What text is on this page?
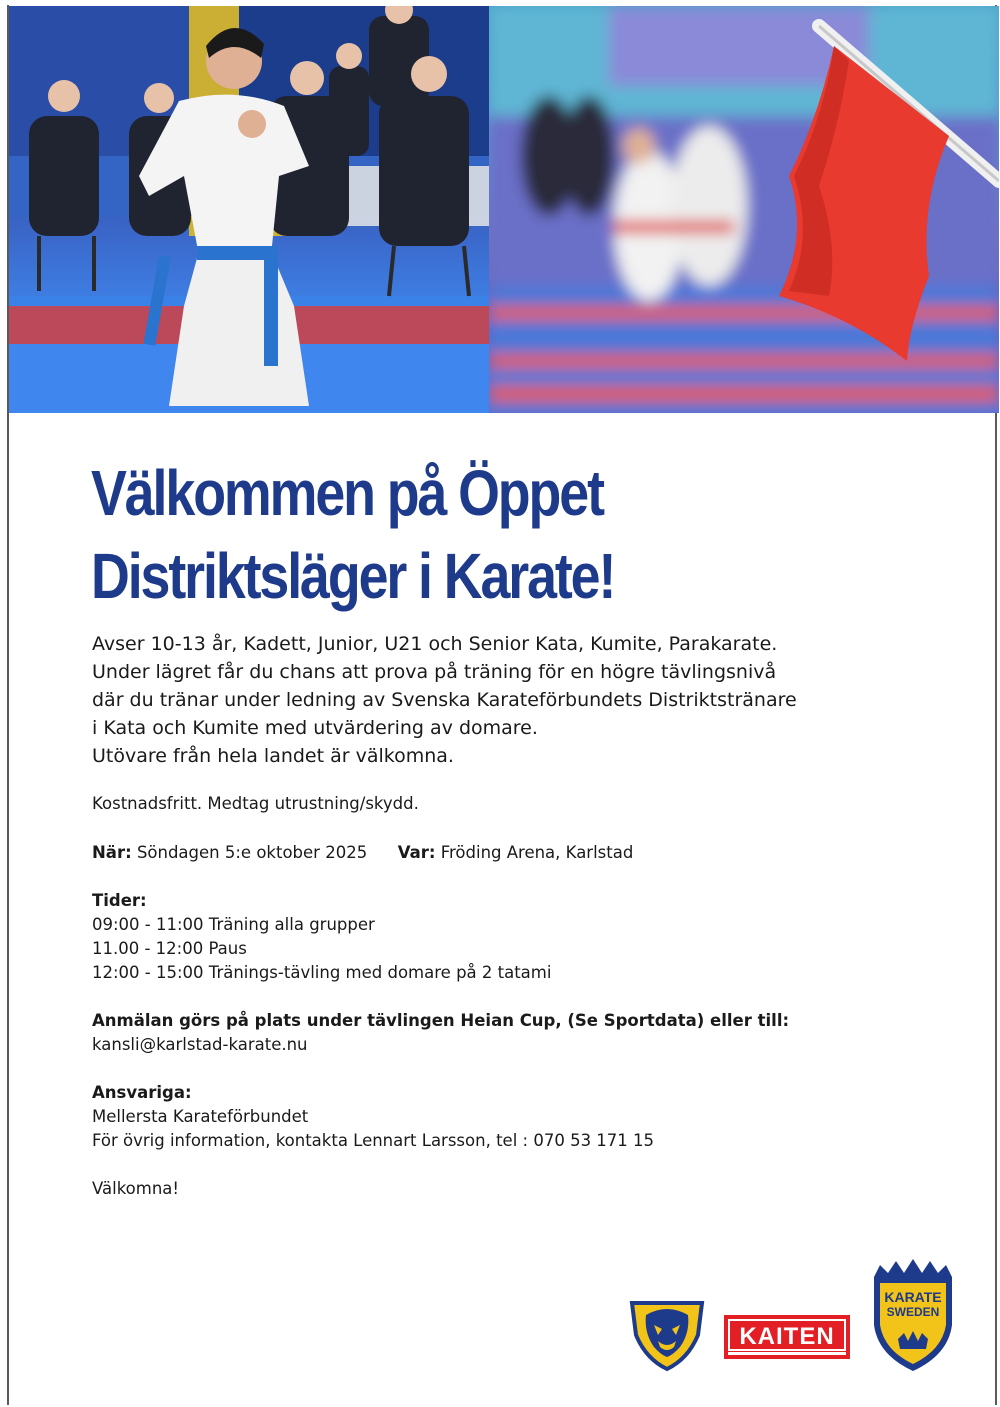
Välkommen på Öppet
Distriktsläger i Karate!

Avser 10-13 år, Kadett, Junior, U21 och Senior Kata, Kumite, Parakarate.

Under lägret får du chans att prova på träning för en högre tävlingsnivå

där du tränar under ledning av Svenska Karateförbundets Distriktstränare

i Kata och Kumite med utvärdering av domare.

Utövare från hela landet är välkomna.

Kostnadsfritt. Medtag utrustning/skydd.

När: Söndagen 5:e oktober 2025 Var: Fröding Arena, Karlstad

Tider:

09:00 - 11:00 Träning alla grupper

11.00 - 12:00 Paus

12:00 - 15:00 Tränings-tävling med domare på 2 tatami

Anmälan görs på plats under tävlingen Heian Cup, (Se Sportdata) eller till:

kansli@karlstad-karate.nu

Ansvariga:

Mellersta Karateförbundet

För övrig information, kontakta Lennart Larsson, tel : 070 53 171 15

Välkomna!

KAITEN
KARATE
SWEDEN
